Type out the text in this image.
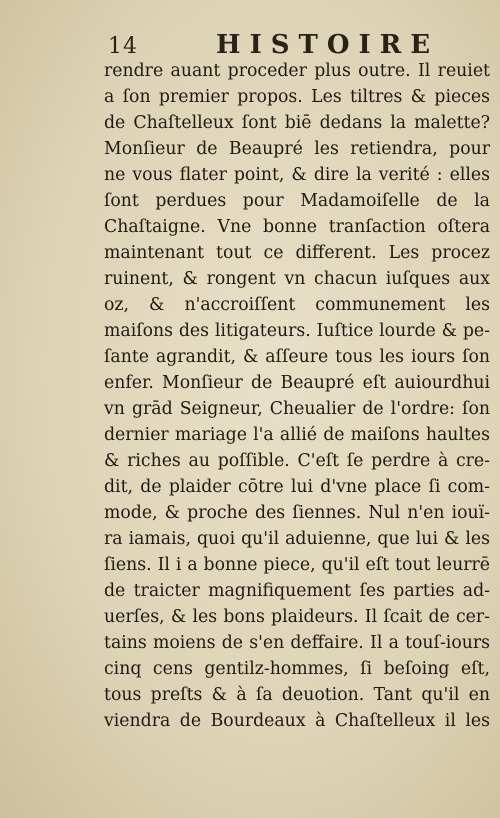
14	HISTOIRE
rendre auant proceder plus outre. Il reuiet
a ſon premier propos. Les tiltres & pieces
de Chaſtelleux ſont biē dedans la malette?
Monſieur de Beaupré les retiendra, pour
ne vous flater point, & dire la verité : elles
ſont perdues pour Madamoiſelle de la
Chaſtaigne. Vne bonne tranſaction oſtera
maintenant tout ce different. Les procez
ruinent, & rongent vn chacun iuſques aux
oz, & n'accroiſſent communement les
maiſons des litigateurs. Iuſtice lourde & pe-
ſante agrandit, & aſſeure tous les iours ſon
enfer. Monſieur de Beaupré eſt auiourdhui
vn grād Seigneur, Cheualier de l'ordre: ſon
dernier mariage l'a allié de maiſons haultes
& riches au poſſible. C'eſt ſe perdre à cre-
dit, de plaider cōtre lui d'vne place ſi com-
mode, & proche des ſiennes. Nul n'en iouï-
ra iamais, quoi qu'il aduienne, que lui & les
ſiens. Il i a bonne piece, qu'il eſt tout leurrē
de traicter magnifiquement ſes parties ad-
uerſes, & les bons plaideurs. Il ſcait de cer-
tains moiens de s'en deffaire. Il a touſ-iours
cinq cens gentilz-hommes, ſi beſoing eſt,
tous preſts & à ſa deuotion. Tant qu'il en
viendra de Bourdeaux à Chaſtelleux il les
